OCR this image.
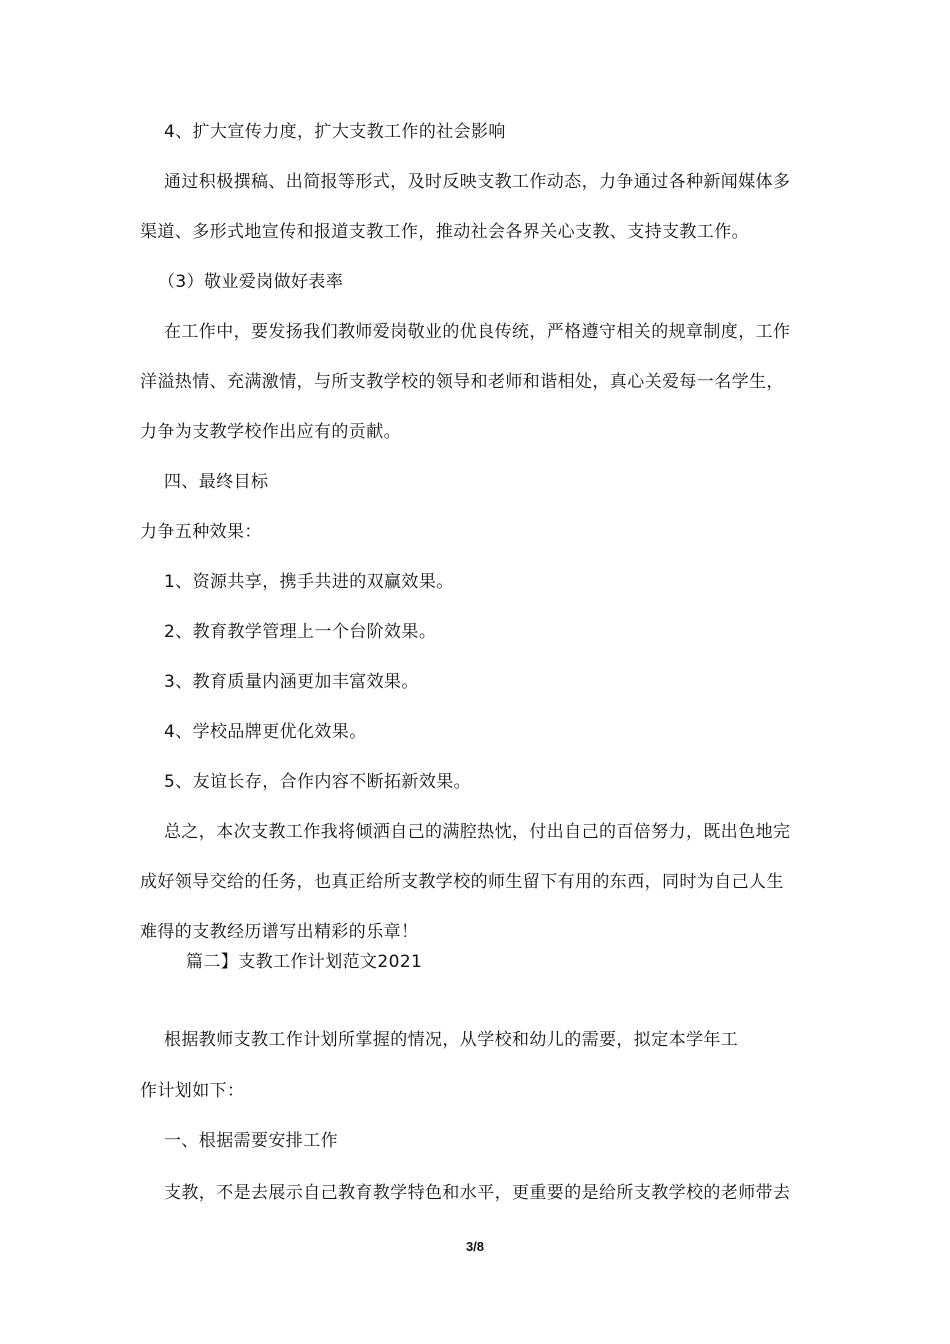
4、扩大宣传力度，扩大支教工作的社会影响
通过积极撰稿、出简报等形式，及时反映支教工作动态，力争通过各种新闻媒体多
渠道、多形式地宣传和报道支教工作，推动社会各界关心支教、支持支教工作。
（3）敬业爱岗做好表率
在工作中，要发扬我们教师爱岗敬业的优良传统，严格遵守相关的规章制度，工作
洋溢热情、充满激情，与所支教学校的领导和老师和谐相处，真心关爱每一名学生，
力争为支教学校作出应有的贡献。
四、最终目标
力争五种效果：
1、资源共享，携手共进的双赢效果。
2、教育教学管理上一个台阶效果。
3、教育质量内涵更加丰富效果。
4、学校品牌更优化效果。
5、友谊长存，合作内容不断拓新效果。
总之，本次支教工作我将倾洒自己的满腔热忱，付出自己的百倍努力，既出色地完
成好领导交给的任务，也真正给所支教学校的师生留下有用的东西，同时为自己人生
难得的支教经历谱写出精彩的乐章！
篇二】支教工作计划范文2021
根据教师支教工作计划所掌握的情况，从学校和幼儿的需要，拟定本学年工
作计划如下：
一、根据需要安排工作
支教，不是去展示自己教育教学特色和水平，更重要的是给所支教学校的老师带去
3/8
